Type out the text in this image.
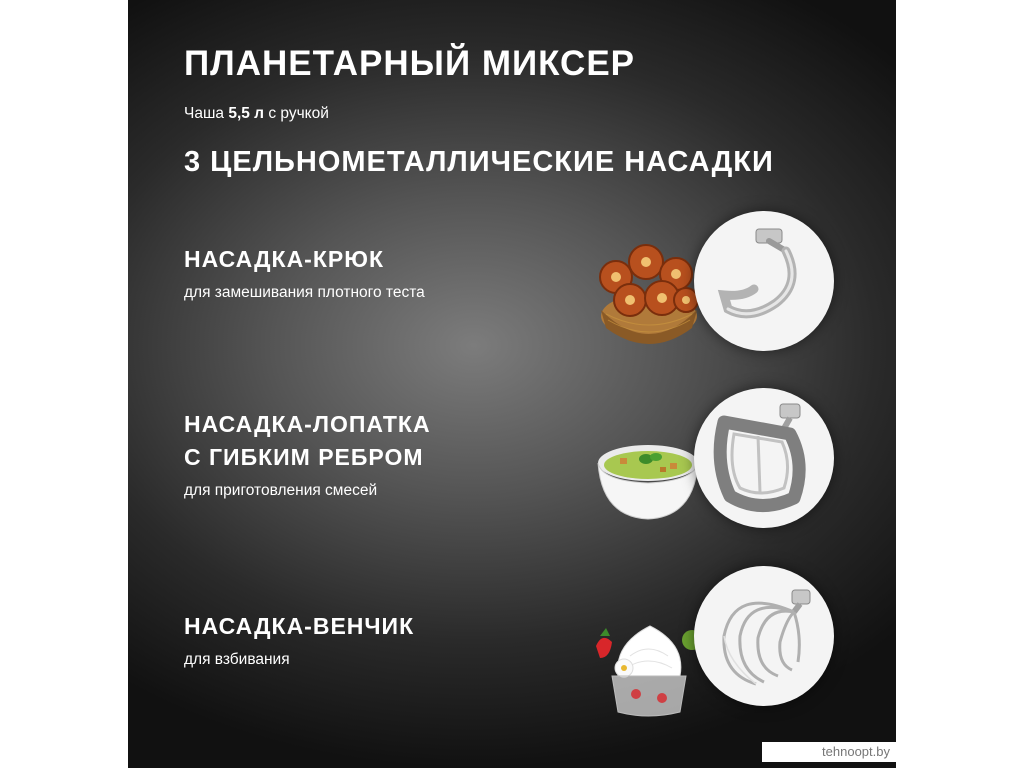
ПЛАНЕТАРНЫЙ МИКСЕР
Чаша 5,5 л с ручкой
3 ЦЕЛЬНОМЕТАЛЛИЧЕСКИЕ НАСАДКИ
НАСАДКА-КРЮК
для замешивания плотного теста
НАСАДКА-ЛОПАТКА
С ГИБКИМ РЕБРОМ
для приготовления смесей
НАСАДКА-ВЕНЧИК
для взбивания
tehnoopt.by
